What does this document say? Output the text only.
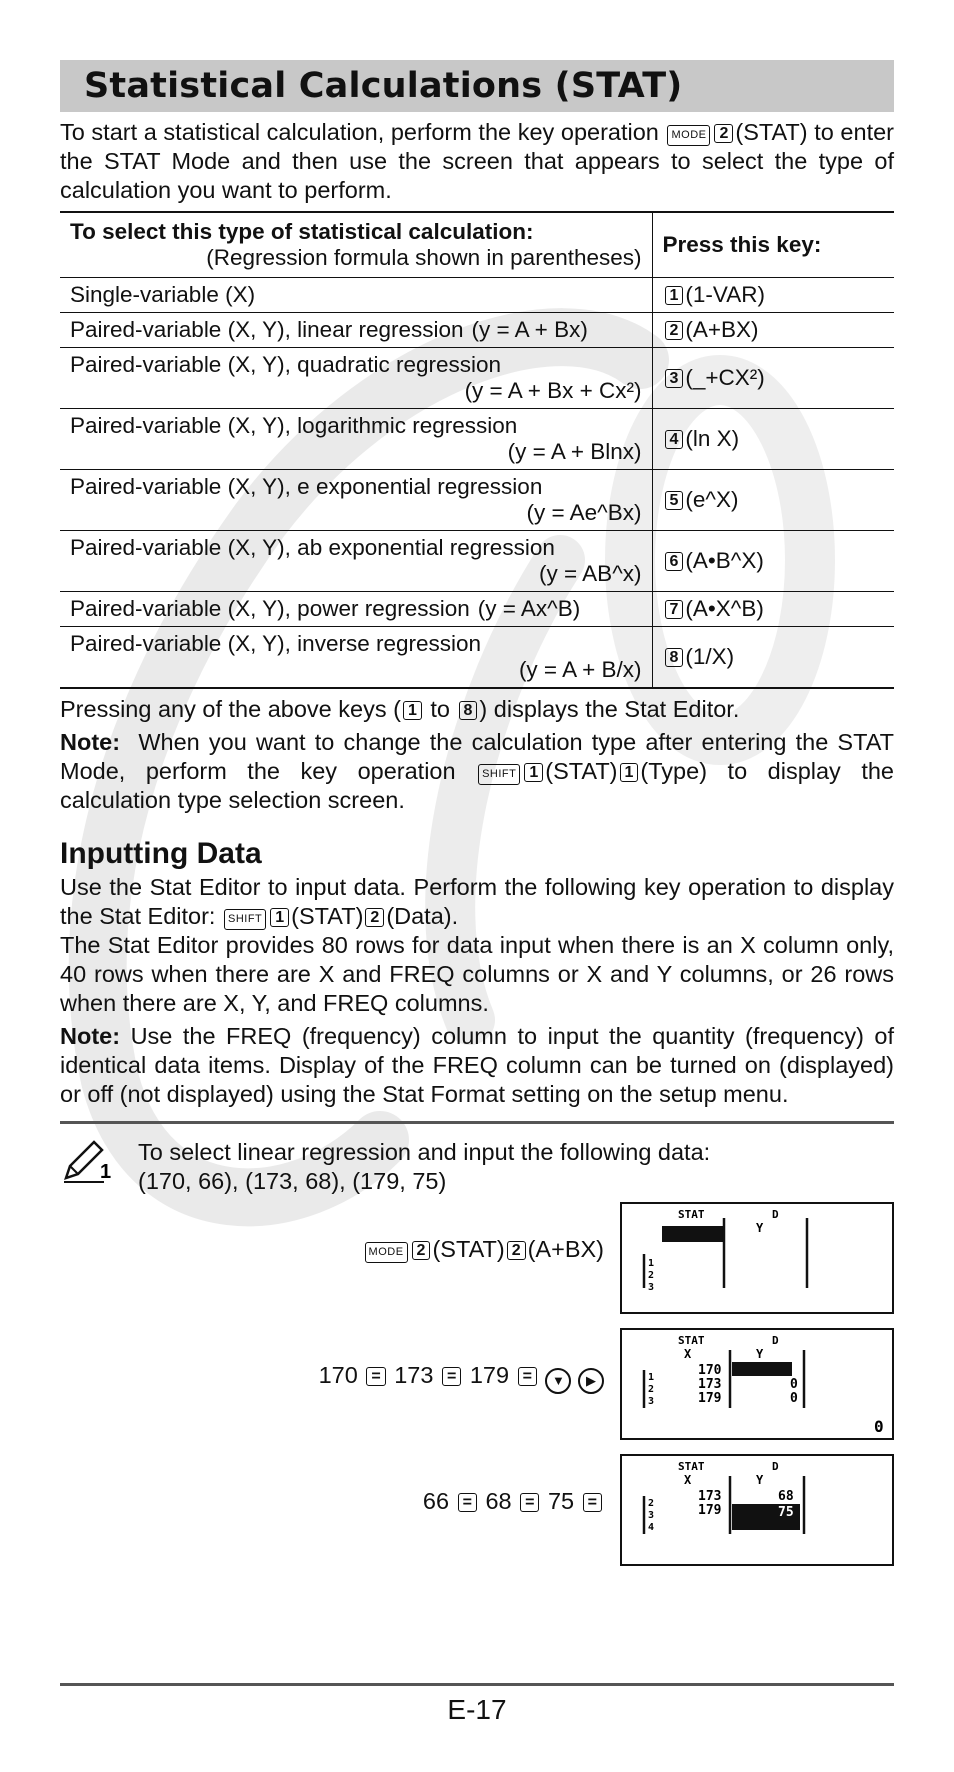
Statistical Calculations (STAT)

To start a statistical calculation, perform the key operation MODE 2 (STAT) to enter the STAT Mode and then use the screen that appears to select the type of calculation you want to perform.

To select this type of statistical calculation:
(Regression formula shown in parentheses)	Press this key:
Single-variable (X)	1 (1-VAR)
Paired-variable (X, Y), linear regression (y = A + Bx)	2 (A+BX)
Paired-variable (X, Y), quadratic regression
(y = A + Bx + Cx²)	3 (_+CX²)
Paired-variable (X, Y), logarithmic regression
(y = A + Blnx)	4 (ln X)
Paired-variable (X, Y), e exponential regression
(y = Ae^Bx)	5 (e^X)
Paired-variable (X, Y), ab exponential regression
(y = AB^x)	6 (A•B^X)
Paired-variable (X, Y), power regression (y = Ax^B)	7 (A•X^B)
Paired-variable (X, Y), inverse regression
(y = A + B/x)	8 (1/X)

Pressing any of the above keys ( 1 to 8 ) displays the Stat Editor.

Note: When you want to change the calculation type after entering the STAT Mode, perform the key operation SHIFT 1 (STAT) 1 (Type) to display the calculation type selection screen.

Inputting Data

Use the Stat Editor to input data. Perform the following key operation to display the Stat Editor: SHIFT 1 (STAT) 2 (Data).

The Stat Editor provides 80 rows for data input when there is an X column only, 40 rows when there are X and FREQ columns or X and Y columns, or 26 rows when there are X, Y, and FREQ columns.

Note: Use the FREQ (frequency) column to input the quantity (frequency) of identical data items. Display of the FREQ column can be turned on (displayed) or off (not displayed) using the Stat Format setting on the setup menu.

1
To select linear regression and input the following data:
(170, 66), (173, 68), (179, 75)
MODE 2 (STAT) 2 (A+BX)
STAT	D
Y
1
2
3
170 = 173 = 179 = ▼ ▶
STAT	D
X	Y
170
173
179
0
0
1
2
3
0
66 = 68 = 75 =
STAT	D
X	Y
173
179
68
75
2
3
4
E-17
